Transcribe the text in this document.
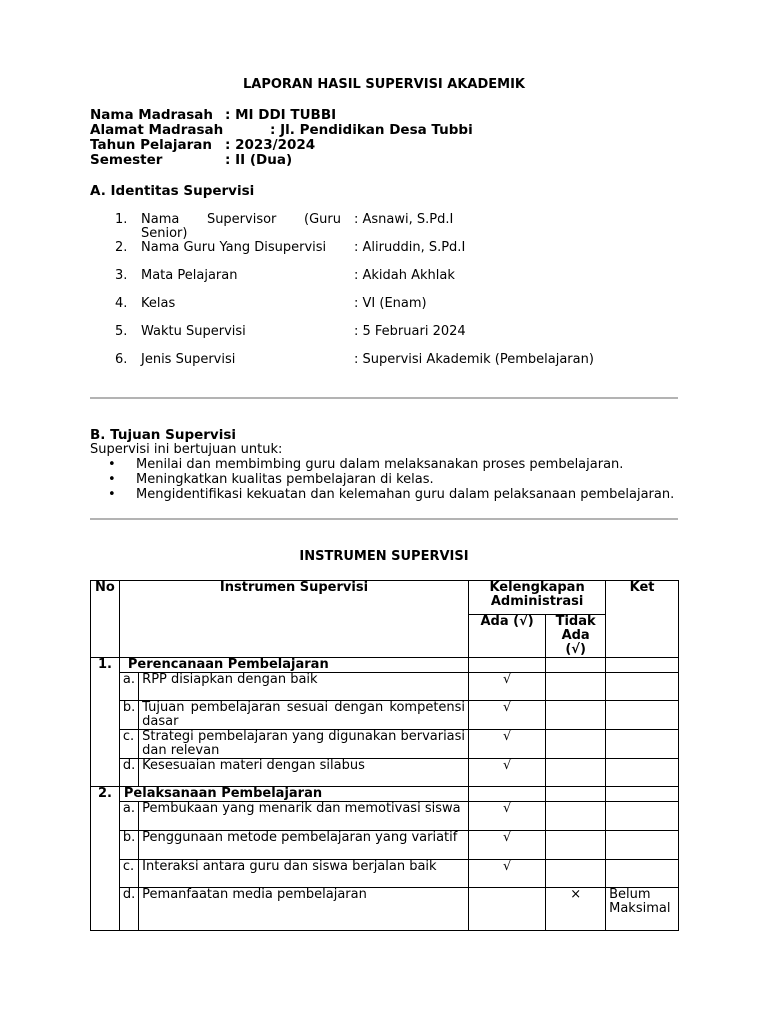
LAPORAN HASIL SUPERVISI AKADEMIK
Nama Madrasah : MI DDI TUBBI
Alamat Madrasah	: Jl. Pendidikan Desa Tubbi
Tahun Pelajaran : 2023/2024
Semester	: II (Dua)
A. Identitas Supervisi
1. Nama Supervisor (Guru Senior)
: Asnawi, S.Pd.I
2. Nama Guru Yang Disupervisi	: Aliruddin, S.Pd.I
3. Mata Pelajaran	: Akidah Akhlak
4. Kelas	: VI (Enam)
5. Waktu Supervisi	: 5 Februari 2024
6. Jenis Supervisi	: Supervisi Akademik (Pembelajaran)
B. Tujuan Supervisi
Supervisi ini bertujuan untuk:
• Menilai dan membimbing guru dalam melaksanakan proses pembelajaran.
• Meningkatkan kualitas pembelajaran di kelas.
• Mengidentifikasi kekuatan dan kelemahan guru dalam pelaksanaan pembelajaran.
INSTRUMEN SUPERVISI
No	Instrumen Supervisi		Kelengkapan Administrasi		Ket
			Ada (√)	Tidak Ada (√)	
1.	Perencanaan Pembelajaran				
	a.	RPP disiapkan dengan baik	√		
	b.	Tujuan pembelajaran sesuai dengan kompetensi dasar	√		
	c.	Strategi pembelajaran yang digunakan bervariasi dan relevan	√		
	d.	Kesesuaian materi dengan silabus	√		
2.	Pelaksanaan Pembelajaran				
	a.	Pembukaan yang menarik dan memotivasi siswa	√		
	b.	Penggunaan metode pembelajaran yang variatif	√		
	c.	Interaksi antara guru dan siswa berjalan baik	√		
	d.	Pemanfaatan media pembelajaran		×	Belum Maksimal
